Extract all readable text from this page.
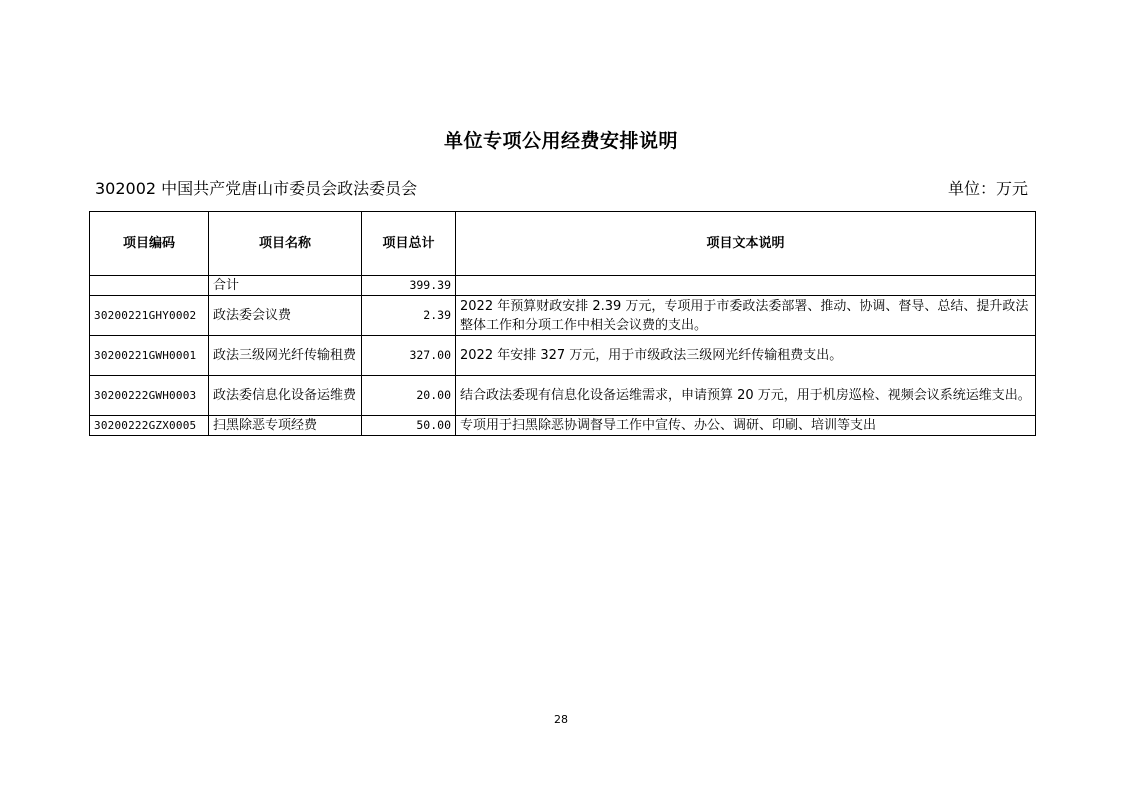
单位专项公用经费安排说明
302002 中国共产党唐山市委员会政法委员会	单位：万元
项目编码	项目名称	项目总计	项目文本说明
	合计	399.39	
30200221GHY0002	政法委会议费	2.39	2022 年预算财政安排 2.39 万元，专项用于市委政法委部署、推动、协调、督导、总结、提升政法整体工作和分项工作中相关会议费的支出。
30200221GWH0001	政法三级网光纤传输租费	327.00	2022 年安排 327 万元，用于市级政法三级网光纤传输租费支出。
30200222GWH0003	政法委信息化设备运维费	20.00	结合政法委现有信息化设备运维需求，申请预算 20 万元，用于机房巡检、视频会议系统运维支出。
30200222GZX0005	扫黑除恶专项经费	50.00	专项用于扫黑除恶协调督导工作中宣传、办公、调研、印刷、培训等支出
28
